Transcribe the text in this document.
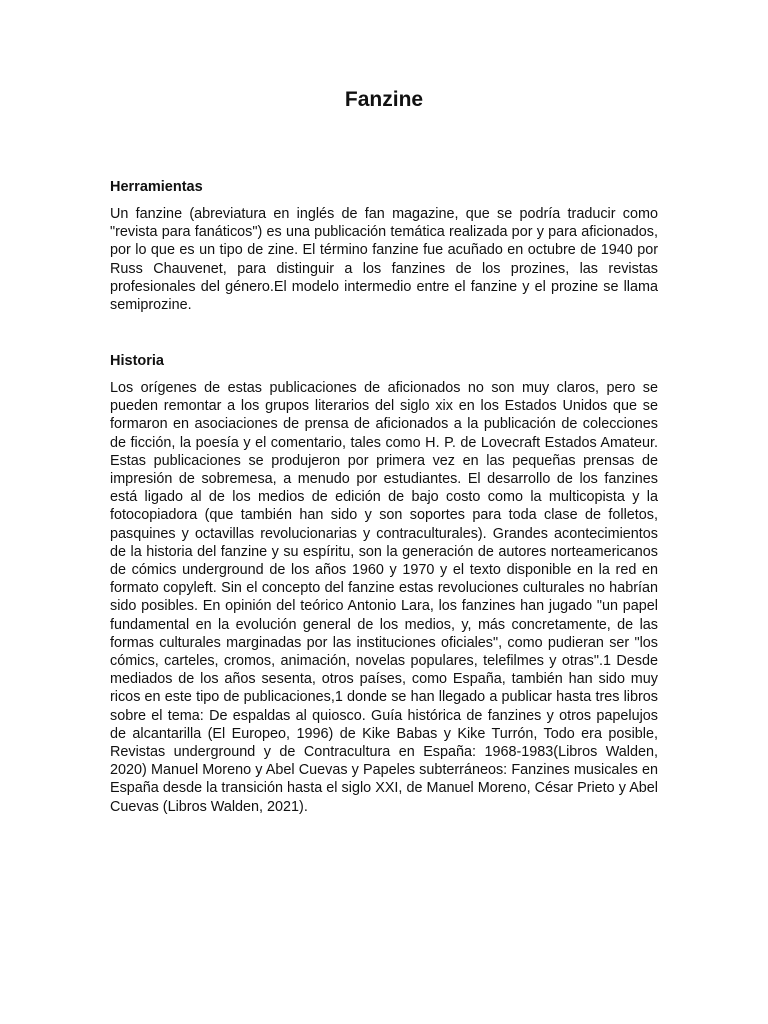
Fanzine
Herramientas

Un fanzine (abreviatura en inglés de fan magazine, que se podría traducir como "revista para fanáticos") es una publicación temática realizada por y para aficionados, por lo que es un tipo de zine. El término fanzine fue acuñado en octubre de 1940 por Russ Chauvenet, para distinguir a los fanzines de los prozines, las revistas profesionales del género.El modelo intermedio entre el fanzine y el prozine se llama semiprozine.

Historia

Los orígenes de estas publicaciones de aficionados no son muy claros, pero se pueden remontar a los grupos literarios del siglo xix en los Estados Unidos que se formaron en asociaciones de prensa de aficionados a la publicación de colecciones de ficción, la poesía y el comentario, tales como H. P. de Lovecraft Estados Amateur. Estas publicaciones se produjeron por primera vez en las pequeñas prensas de impresión de sobremesa, a menudo por estudiantes. El desarrollo de los fanzines está ligado al de los medios de edición de bajo costo como la multicopista y la fotocopiadora (que también han sido y son soportes para toda clase de folletos, pasquines y octavillas revolucionarias y contraculturales). Grandes acontecimientos de la historia del fanzine y su espíritu, son la generación de autores norteamericanos de cómics underground de los años 1960 y 1970 y el texto disponible en la red en formato copyleft. Sin el concepto del fanzine estas revoluciones culturales no habrían sido posibles. En opinión del teórico Antonio Lara, los fanzines han jugado "un papel fundamental en la evolución general de los medios, y, más concretamente, de las formas culturales marginadas por las instituciones oficiales", como pudieran ser "los cómics, carteles, cromos, animación, novelas populares, telefilmes y otras".1 Desde mediados de los años sesenta, otros países, como España, también han sido muy ricos en este tipo de publicaciones,1 donde se han llegado a publicar hasta tres libros sobre el tema: De espaldas al quiosco. Guía histórica de fanzines y otros papelujos de alcantarilla (El Europeo, 1996) de Kike Babas y Kike Turrón, Todo era posible, Revistas underground y de Contracultura en España: 1968-1983(Libros Walden, 2020) Manuel Moreno y Abel Cuevas y Papeles subterráneos: Fanzines musicales en España desde la transición hasta el siglo XXI, de Manuel Moreno, César Prieto y Abel Cuevas (Libros Walden, 2021).
